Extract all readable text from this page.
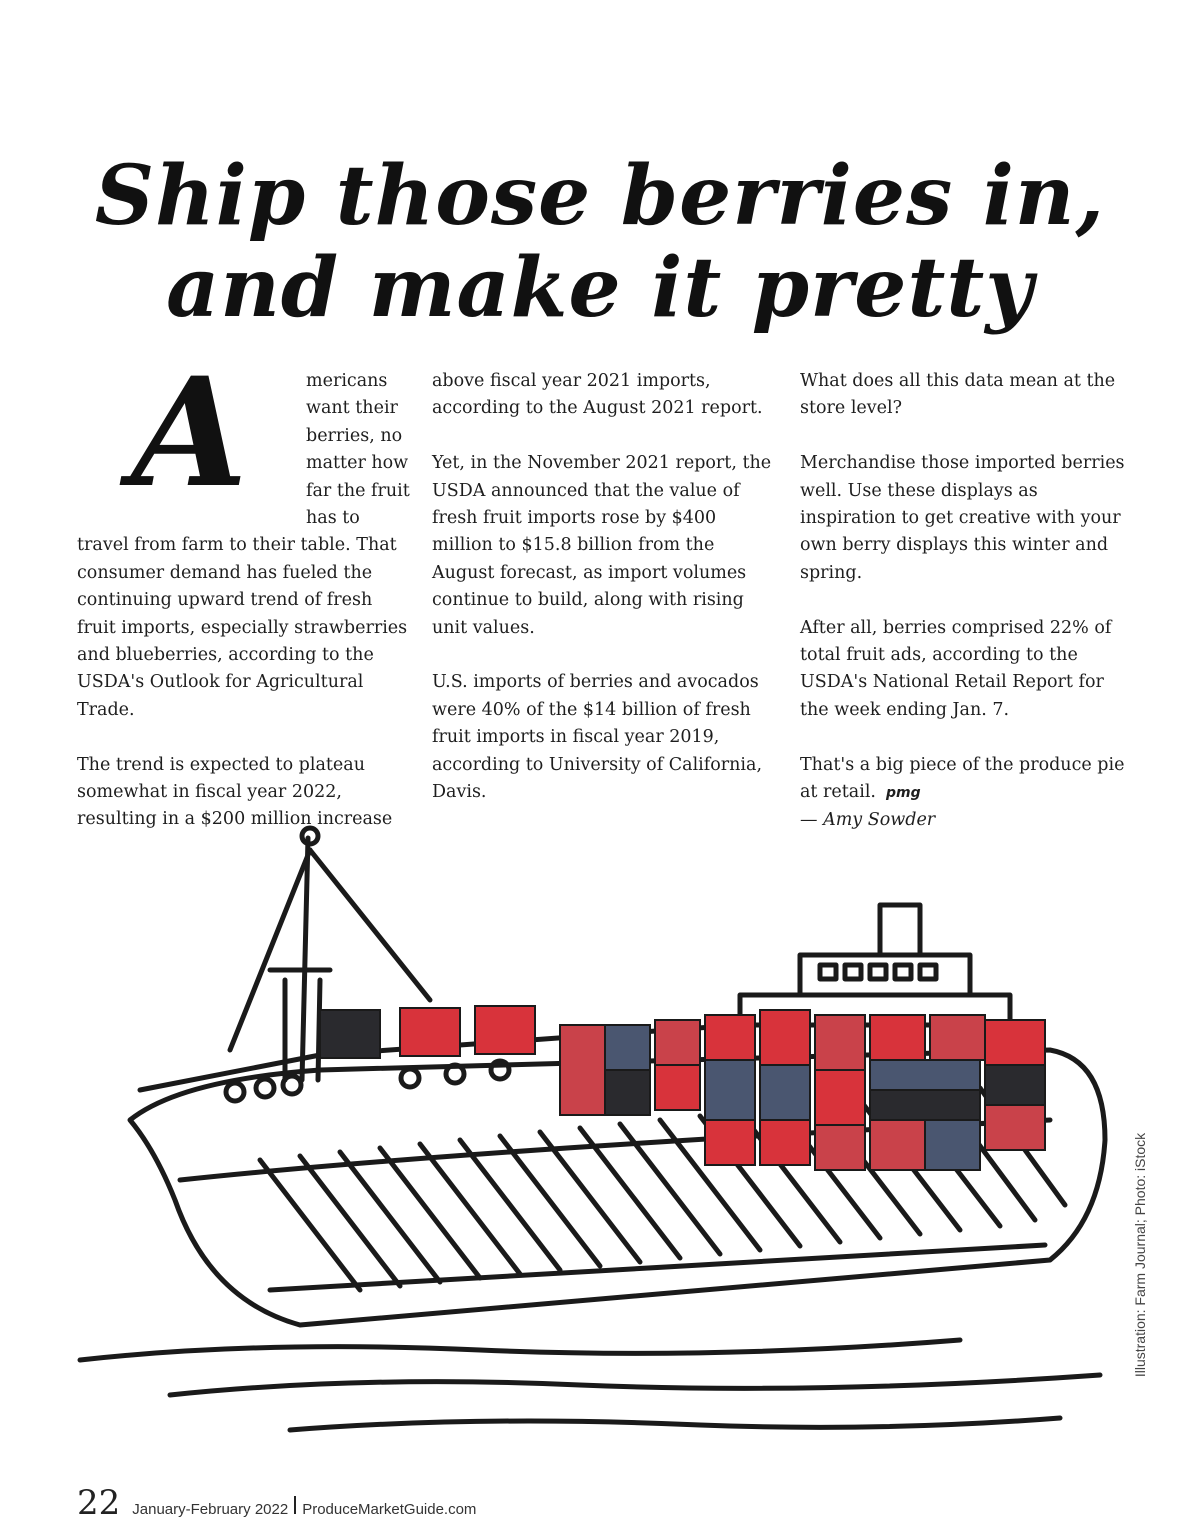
Ship those berries in,
and make it pretty
A	mericans want their berries, no matter how far the fruit has to travel from farm to their table. That consumer demand has fueled the continuing upward trend of fresh fruit imports, especially strawberries and blueberries, according to the USDA's Outlook for Agricultural Trade.

The trend is expected to plateau somewhat in fiscal year 2022, resulting in a $200 million increase

above fiscal year 2021 imports, according to the August 2021 report.

Yet, in the November 2021 report, the USDA announced that the value of fresh fruit imports rose by $400 million to $15.8 billion from the August forecast, as import volumes continue to build, along with rising unit values.

U.S. imports of berries and avocados were 40% of the $14 billion of fresh fruit imports in fiscal year 2019, according to University of California, Davis.

What does all this data mean at the store level?

Merchandise those imported berries well. Use these displays as inspiration to get creative with your own berry displays this winter and spring.

After all, berries comprised 22% of total fruit ads, according to the USDA's National Retail Report for the week ending Jan. 7.

That's a big piece of the produce pie at retail. pmg

— Amy Sowder

Illustration: Farm Journal; Photo: iStock
22 January-February 2022 ProduceMarketGuide.com
